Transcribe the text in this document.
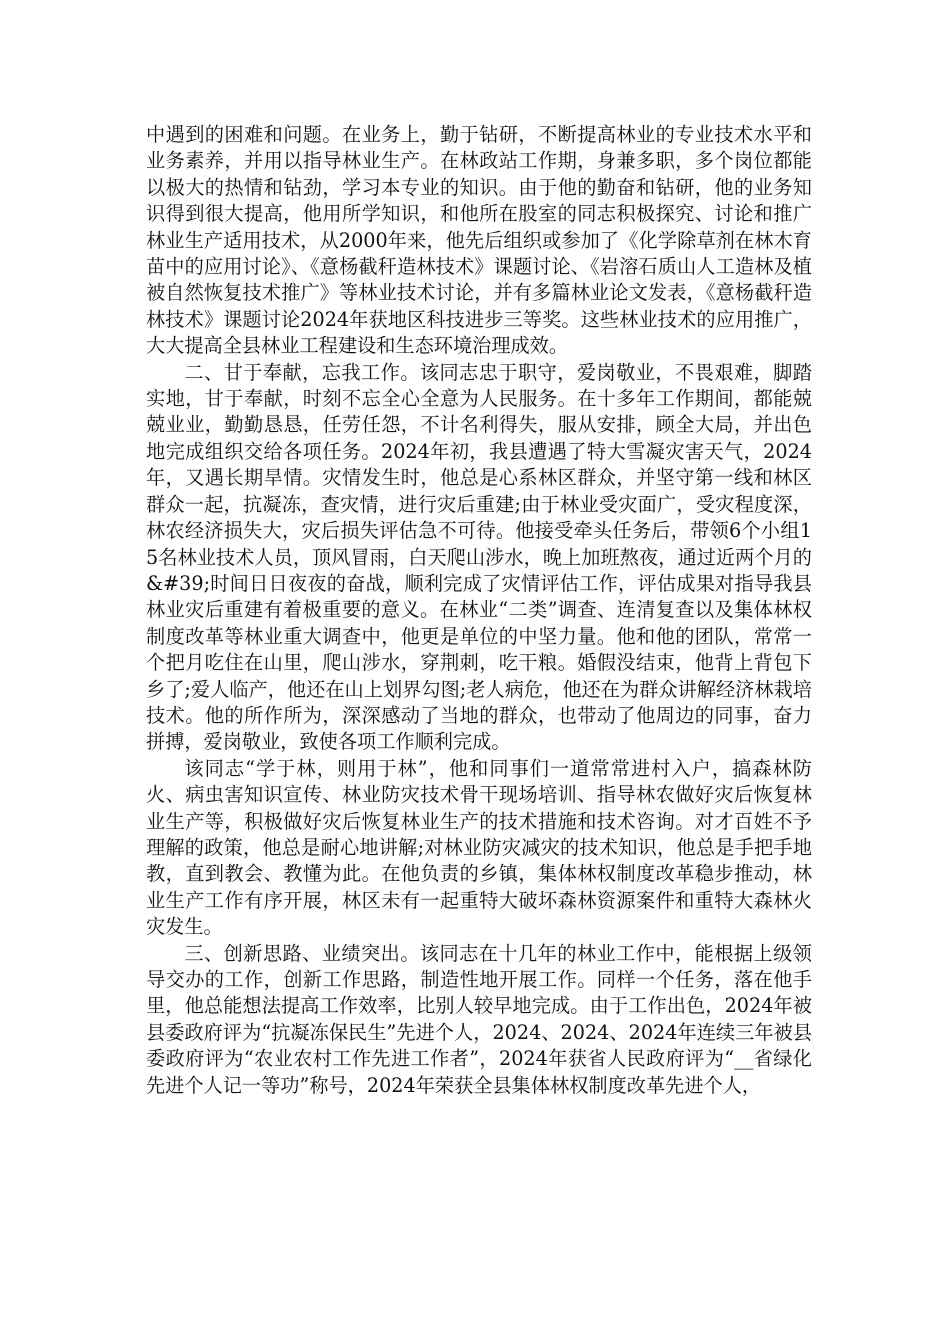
中遇到的困难和问题。在业务上，勤于钻研，不断提高林业的专业技术水平和业务素养，并用以指导林业生产。在林政站工作期，身兼多职，多个岗位都能以极大的热情和钻劲，学习本专业的知识。由于他的勤奋和钻研，他的业务知识得到很大提高，他用所学知识，和他所在股室的同志积极探究、讨论和推广林业生产适用技术，从2000年来，他先后组织或参加了《化学除草剂在林木育苗中的应用讨论》、《意杨截秆造林技术》课题讨论、《岩溶石质山人工造林及植被自然恢复技术推广》等林业技术讨论，并有多篇林业论文发表，《意杨截秆造林技术》课题讨论2024年获地区科技进步三等奖。这些林业技术的应用推广，大大提高全县林业工程建设和生态环境治理成效。

二、甘于奉献，忘我工作。该同志忠于职守，爱岗敬业，不畏艰难，脚踏实地，甘于奉献，时刻不忘全心全意为人民服务。在十多年工作期间，都能兢兢业业，勤勤恳恳，任劳任怨，不计名利得失，服从安排，顾全大局，并出色地完成组织交给各项任务。2024年初，我县遭遇了特大雪凝灾害天气，2024年，又遇长期旱情。灾情发生时，他总是心系林区群众，并坚守第一线和林区群众一起，抗凝冻，查灾情，进行灾后重建;由于林业受灾面广，受灾程度深，林农经济损失大，灾后损失评估急不可待。他接受牵头任务后，带领6个小组15名林业技术人员，顶风冒雨，白天爬山涉水，晚上加班熬夜，通过近两个月的&#39;时间日日夜夜的奋战，顺利完成了灾情评估工作，评估成果对指导我县林业灾后重建有着极重要的意义。在林业“二类”调查、连清复查以及集体林权制度改革等林业重大调查中，他更是单位的中坚力量。他和他的团队，常常一个把月吃住在山里，爬山涉水，穿荆刺，吃干粮。婚假没结束，他背上背包下乡了;爱人临产，他还在山上划界勾图;老人病危，他还在为群众讲解经济林栽培技术。他的所作所为，深深感动了当地的群众，也带动了他周边的同事，奋力拼搏，爱岗敬业，致使各项工作顺利完成。

该同志“学于林，则用于林”，他和同事们一道常常进村入户，搞森林防火、病虫害知识宣传、林业防灾技术骨干现场培训、指导林农做好灾后恢复林业生产等，积极做好灾后恢复林业生产的技术措施和技术咨询。对才百姓不予理解的政策，他总是耐心地讲解;对林业防灾减灾的技术知识，他总是手把手地教，直到教会、教懂为此。在他负责的乡镇，集体林权制度改革稳步推动，林业生产工作有序开展，林区未有一起重特大破坏森林资源案件和重特大森林火灾发生。

三、创新思路、业绩突出。该同志在十几年的林业工作中，能根据上级领导交办的工作，创新工作思路，制造性地开展工作。同样一个任务，落在他手里，他总能想法提高工作效率，比别人较早地完成。由于工作出色，2024年被县委政府评为“抗凝冻保民生”先进个人，2024、2024、2024年连续三年被县委政府评为“农业农村工作先进工作者”，2024年获省人民政府评为“__省绿化先进个人记一等功”称号，2024年荣获全县集体林权制度改革先进个人，
